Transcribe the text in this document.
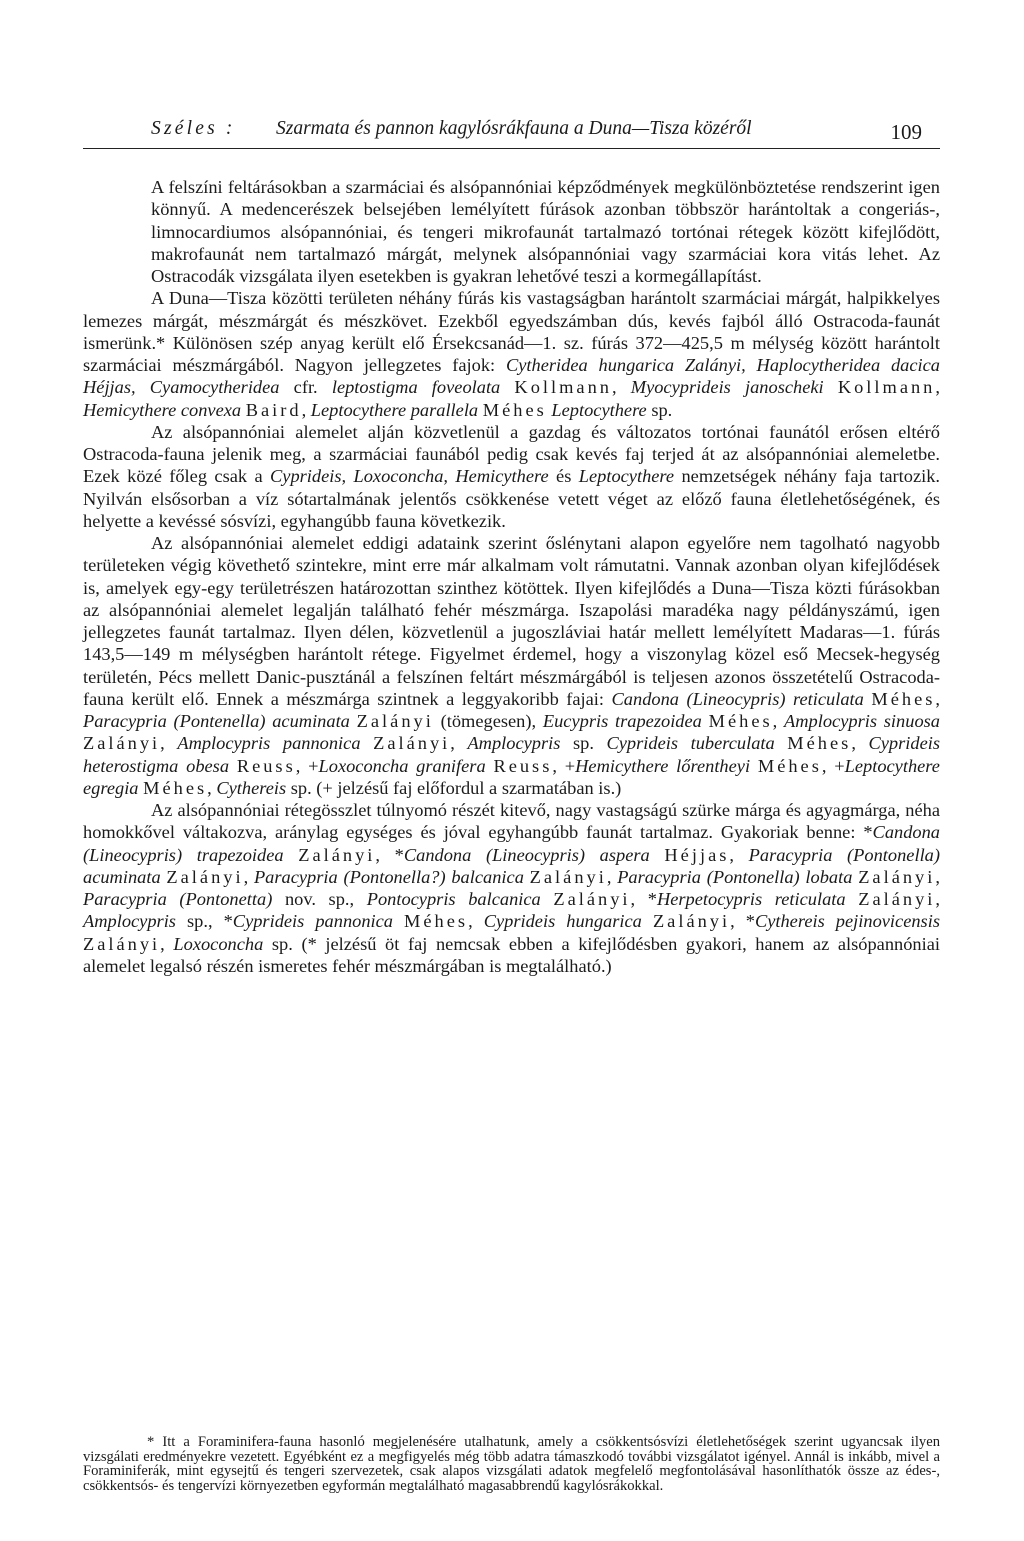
Széles : Szarmata és pannon kagylósrákfauna a Duna—Tisza közéről	109

A felszíni feltárásokban a szarmáciai és alsópannóniai képződmények megkülönböztetése rendszerint igen könnyű. A medencerészek belsejében lemélyített fúrások azonban többször harántoltak a congeriás-, limnocardiumos alsópannóniai, és tengeri mikrofaunát tartalmazó tortónai rétegek között kifejlődött, makrofaunát nem tartalmazó márgát, melynek alsópannóniai vagy szarmáciai kora vitás lehet. Az Ostracodák vizsgálata ilyen esetekben is gyakran lehetővé teszi a kormegállapítást.

A Duna—Tisza közötti területen néhány fúrás kis vastagságban harántolt szarmáciai márgát, halpikkelyes lemezes márgát, mészmárgát és mészkövet. Ezekből egyedszámban dús, kevés fajból álló Ostracoda-faunát ismerünk.* Különösen szép anyag került elő Érsekcsanád—1. sz. fúrás 372—425,5 m mélység között harántolt szarmáciai mészmárgából. Nagyon jellegzetes fajok: Cytheridea hungarica Zalányi, Haplocytheridea dacica Héjjas, Cyamocytheridea cfr. leptostigma foveolata Kollmann, Myocyprideis janoscheki Kollmann, Hemicythere convexa Baird, Leptocythere parallela Méhes Leptocythere sp.

Az alsópannóniai alemelet alján közvetlenül a gazdag és változatos tortónai faunától erősen eltérő Ostracoda-fauna jelenik meg, a szarmáciai faunából pedig csak kevés faj terjed át az alsópannóniai alemeletbe. Ezek közé főleg csak a Cyprideis, Loxoconcha, Hemicythere és Leptocythere nemzetségek néhány faja tartozik. Nyilván elsősorban a víz sótartalmának jelentős csökkenése vetett véget az előző fauna életlehetőségének, és helyette a kevéssé sósvízi, egyhangúbb fauna következik.

Az alsópannóniai alemelet eddigi adataink szerint őslénytani alapon egyelőre nem tagolható nagyobb területeken végig követhető szintekre, mint erre már alkalmam volt rámutatni. Vannak azonban olyan kifejlődések is, amelyek egy-egy területrészen határozottan szinthez kötöttek. Ilyen kifejlődés a Duna—Tisza közti fúrásokban az alsópannóniai alemelet legalján található fehér mészmárga. Iszapolási maradéka nagy példányszámú, igen jellegzetes faunát tartalmaz. Ilyen délen, közvetlenül a jugoszláviai határ mellett lemélyített Madaras—1. fúrás 143,5—149 m mélységben harántolt rétege. Figyelmet érdemel, hogy a viszonylag közel eső Mecsek-hegység területén, Pécs mellett Danic-pusztánál a felszínen feltárt mészmárgából is teljesen azonos összetételű Ostracoda-fauna került elő. Ennek a mészmárga szintnek a leggyakoribb fajai: Candona (Lineocypris) reticulata Méhes, Paracypria (Pontenella) acuminata Zalányi (tömegesen), Eucypris trapezoidea Méhes, Amplocypris sinuosa Zalányi, Amplocypris pannonica Zalányi, Amplocypris sp. Cyprideis tuberculata Méhes, Cyprideis heterostigma obesa Reuss, +Loxoconcha granifera Reuss, +Hemicythere lőrentheyi Méhes, +Leptocythere egregia Méhes, Cythereis sp. (+ jelzésű faj előfordul a szarmatában is.)

Az alsópannóniai rétegösszlet túlnyomó részét kitevő, nagy vastagságú szürke márga és agyagmárga, néha homokkővel váltakozva, aránylag egységes és jóval egyhangúbb faunát tartalmaz. Gyakoriak benne: *Candona (Lineocypris) trapezoidea Zalányi, *Candona (Lineocypris) aspera Héjjas, Paracypria (Pontonella) acuminata Zalányi, Paracypria (Pontonella?) balcanica Zalányi, Paracypria (Pontonella) lobata Zalányi, Paracypria (Pontonetta) nov. sp., Pontocypris balcanica Zalányi, *Herpetocypris reticulata Zalányi, Amplocypris sp., *Cyprideis pannonica Méhes, Cyprideis hungarica Zalányi, *Cythereis pejinovicensis Zalányi, Loxoconcha sp. (* jelzésű öt faj nemcsak ebben a kifejlődésben gyakori, hanem az alsópannóniai alemelet legalsó részén ismeretes fehér mészmárgában is megtalálható.)

* Itt a Foraminifera-fauna hasonló megjelenésére utalhatunk, amely a csökkentsósvízi életlehetőségek szerint ugyancsak ilyen vizsgálati eredményekre vezetett. Egyébként ez a megfigyelés még több adatra támaszkodó további vizsgálatot igényel. Annál is inkább, mivel a Foraminiferák, mint egysejtű és tengeri szervezetek, csak alapos vizsgálati adatok megfelelő megfontolásával hasonlíthatók össze az édes-, csökkentsós- és tengervízi környezetben egyformán megtalálható magasabbrendű kagylósrákokkal.
